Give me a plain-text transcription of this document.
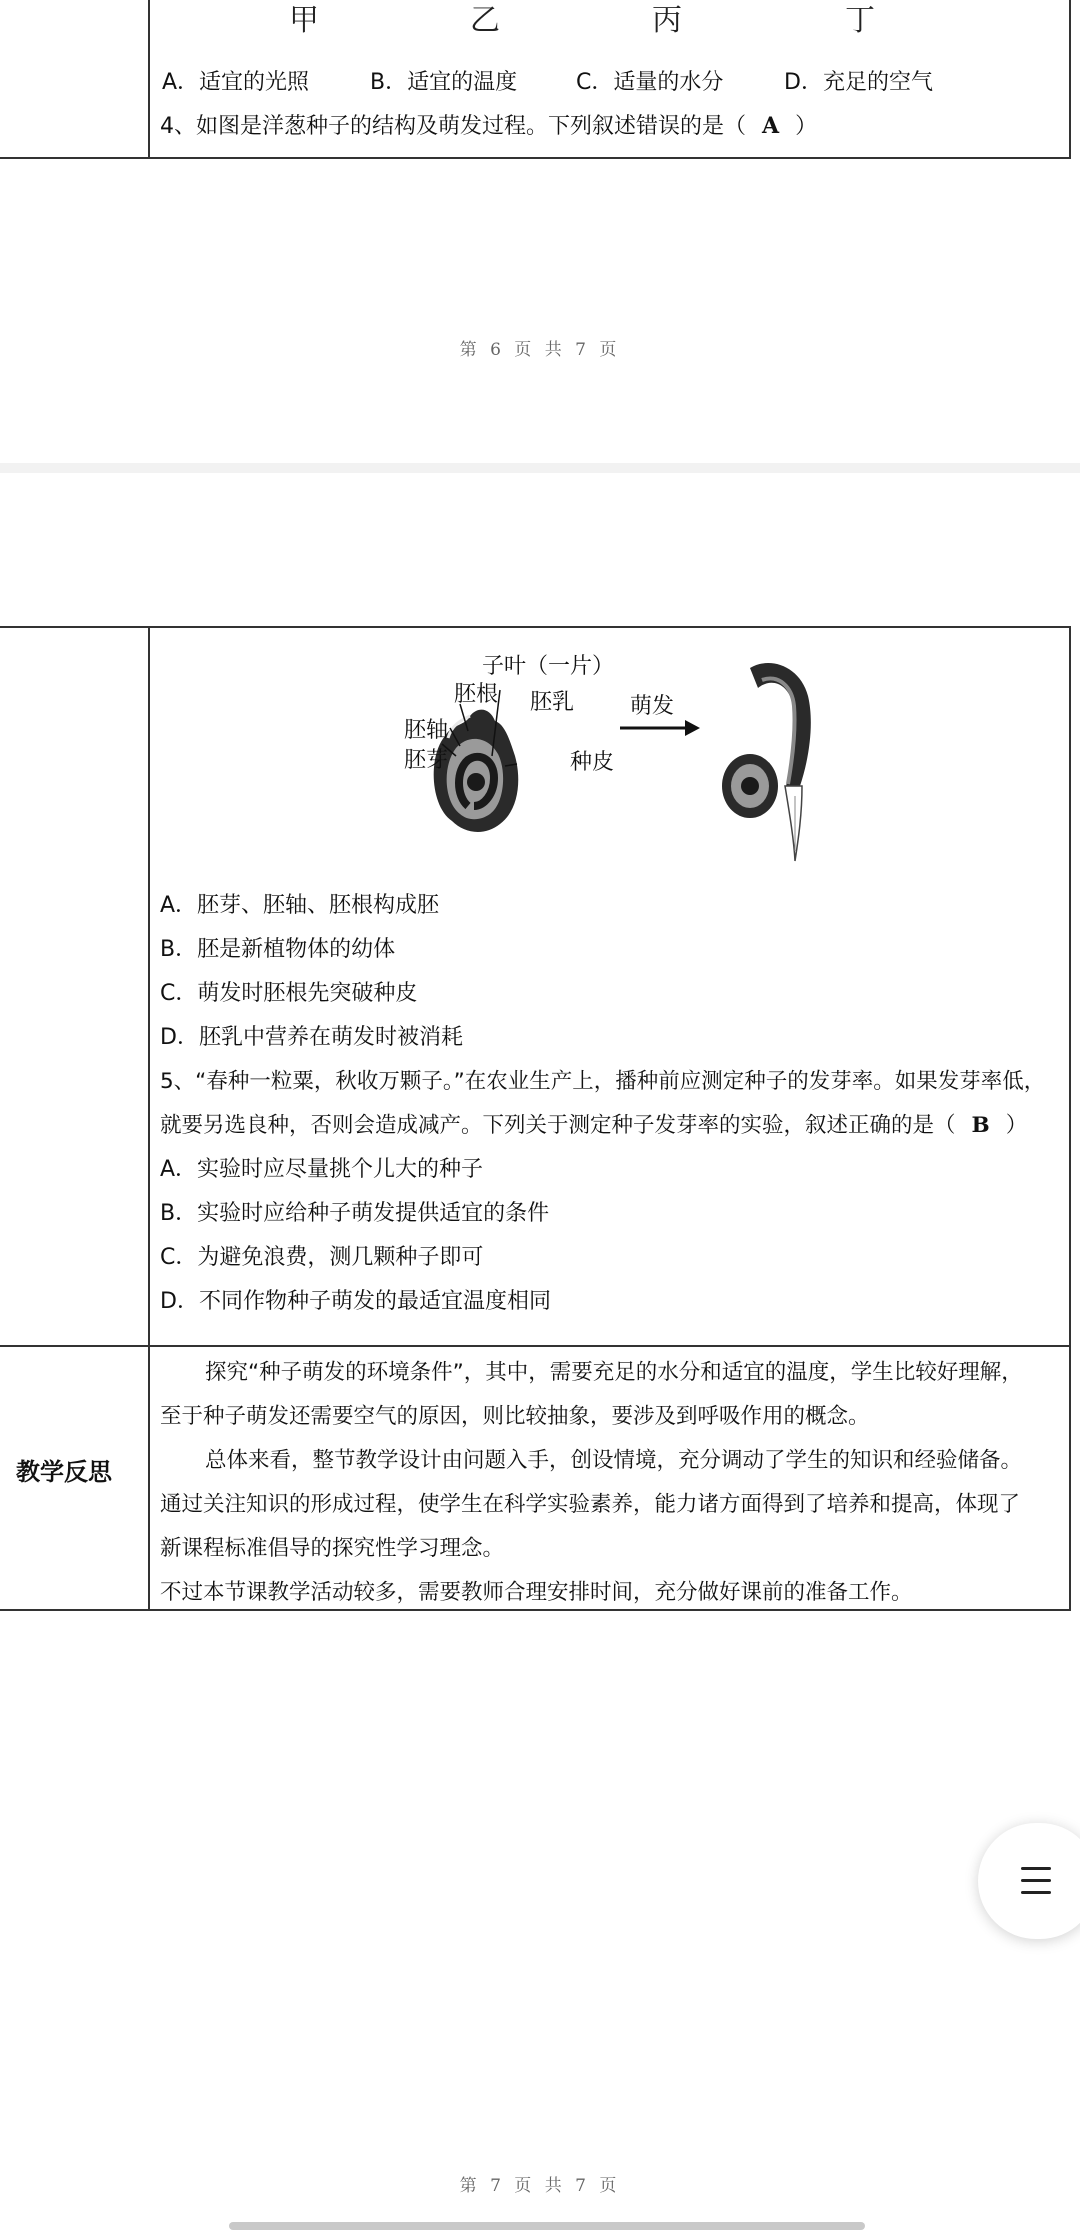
甲	乙	丙	丁
A．适宜的光照	B．适宜的温度	C．适量的水分	D．充足的空气
4、如图是洋葱种子的结构及萌发过程。下列叙述错误的是（ A ）
第 6 页 共 7 页
子叶（一片）
胚根 胚乳	萌发
胚轴
胚芽	种皮
A．胚芽、胚轴、胚根构成胚
B．胚是新植物体的幼体
C．萌发时胚根先突破种皮
D．胚乳中营养在萌发时被消耗
5、“春种一粒粟，秋收万颗子。”在农业生产上，播种前应测定种子的发芽率。如果发芽率低，
就要另选良种，否则会造成减产。下列关于测定种子发芽率的实验，叙述正确的是（ B ）
A．实验时应尽量挑个儿大的种子
B．实验时应给种子萌发提供适宜的条件
C．为避免浪费，测几颗种子即可
D．不同作物种子萌发的最适宜温度相同
教学反思
探究“种子萌发的环境条件”，其中，需要充足的水分和适宜的温度，学生比较好理解，
至于种子萌发还需要空气的原因，则比较抽象，要涉及到呼吸作用的概念。
总体来看，整节教学设计由问题入手，创设情境，充分调动了学生的知识和经验储备。
通过关注知识的形成过程，使学生在科学实验素养，能力诸方面得到了培养和提高，体现了
新课程标准倡导的探究性学习理念。
不过本节课教学活动较多，需要教师合理安排时间，充分做好课前的准备工作。
第 7 页 共 7 页
